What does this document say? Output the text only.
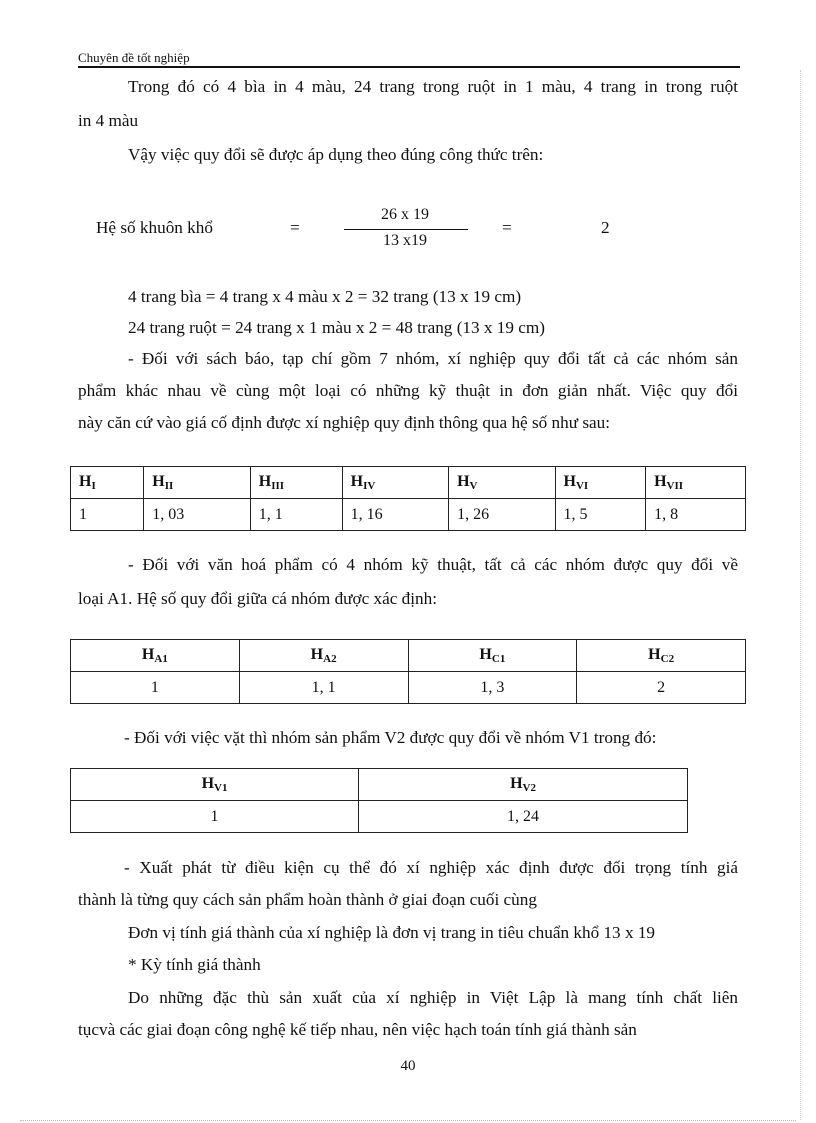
Chuyên đề tốt nghiệp
Trong đó có 4 bìa in 4 màu, 24 trang trong ruột in 1 màu, 4 trang in trong ruột
in 4 màu
Vậy việc quy đổi sẽ được áp dụng theo đúng công thức trên:
Hệ số khuôn khổ	=
26 x 19
13 x19
=	2
4 trang bìa = 4 trang x 4 màu x 2 = 32 trang (13 x 19 cm)
24 trang ruột = 24 trang x 1 màu x 2 = 48 trang (13 x 19 cm)
- Đối với sách báo, tạp chí gồm 7 nhóm, xí nghiệp quy đổi tất cả các nhóm sản
phẩm khác nhau về cùng một loại có những kỹ thuật in đơn giản nhất. Việc quy đổi
này căn cứ vào giá cố định được xí nghiệp quy định thông qua hệ số như sau:
$H_I$	$H_{II}$	$H_{III}$	$H_{IV}$	$H_V$	$H_{VI}$	$H_{VII}$
1	1, 03	1, 1	1, 16	1, 26	1, 5	1, 8
- Đối với văn hoá phẩm có 4 nhóm kỹ thuật, tất cả các nhóm được quy đổi về
loại A1. Hệ số quy đổi giữa cá nhóm được xác định:
$H_{A1}$	$H_{A2}$	$H_{C1}$	$H_{C2}$
1	1, 1	1, 3	2
- Đối với việc vặt thì nhóm sản phẩm V2 được quy đổi về nhóm V1 trong đó:
$H_{V1}$	$H_{V2}$
1	1, 24
- Xuất phát từ điều kiện cụ thể đó xí nghiệp xác định được đối trọng tính giá
thành là từng quy cách sản phẩm hoàn thành ở giai đoạn cuối cùng
Đơn vị tính giá thành của xí nghiệp là đơn vị trang in tiêu chuẩn khổ 13 x 19
* Kỳ tính giá thành
Do những đặc thù sản xuất của xí nghiệp in Việt Lập là mang tính chất liên
tụcvà các giai đoạn công nghệ kế tiếp nhau, nên việc hạch toán tính giá thành sản
40
